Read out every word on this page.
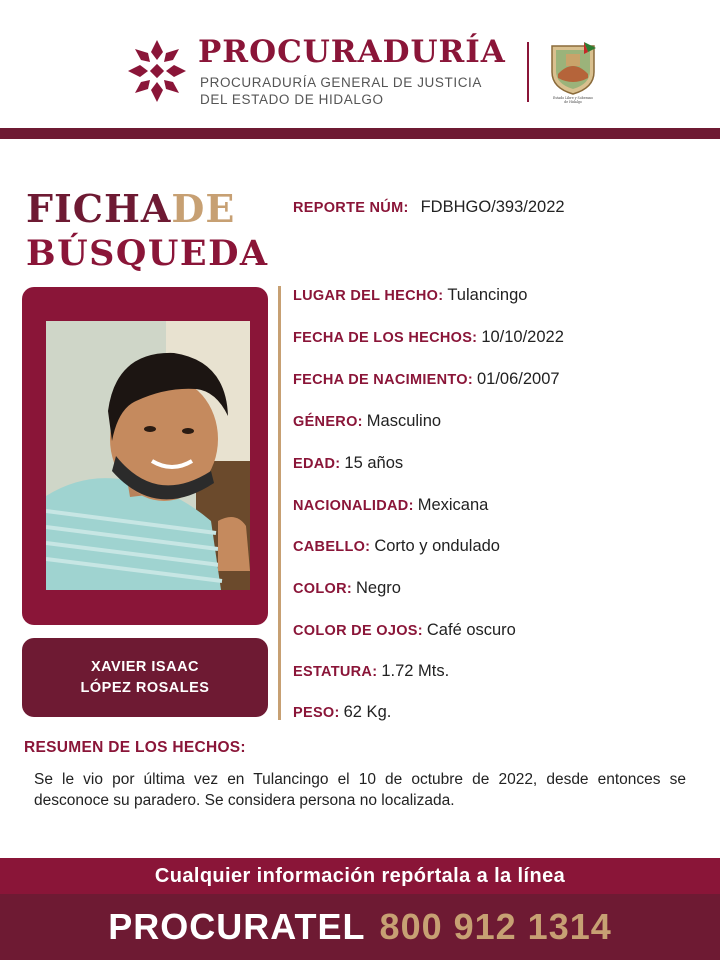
PROCURADURÍA
PROCURADURÍA GENERAL DE JUSTICIA
DEL ESTADO DE HIDALGO	Estado Libre y Soberano
de Hidalgo
FICHADE
BÚSQUEDA
XAVIER ISAAC
LÓPEZ ROSALES
REPORTE NÚM: FDBHGO/393/2022
LUGAR DEL HECHO: Tulancingo
FECHA DE LOS HECHOS: 10/10/2022
FECHA DE NACIMIENTO: 01/06/2007
GÉNERO: Masculino
EDAD: 15 años
NACIONALIDAD: Mexicana
CABELLO: Corto y ondulado
COLOR: Negro
COLOR DE OJOS: Café oscuro
ESTATURA: 1.72 Mts.
PESO: 62 Kg.
RESUMEN DE LOS HECHOS:
Se le vio por última vez en Tulancingo el 10 de octubre de 2022, desde entonces se desconoce su paradero. Se considera persona no localizada.
Cualquier información repórtala a la línea
PROCURATEL 800 912 1314
